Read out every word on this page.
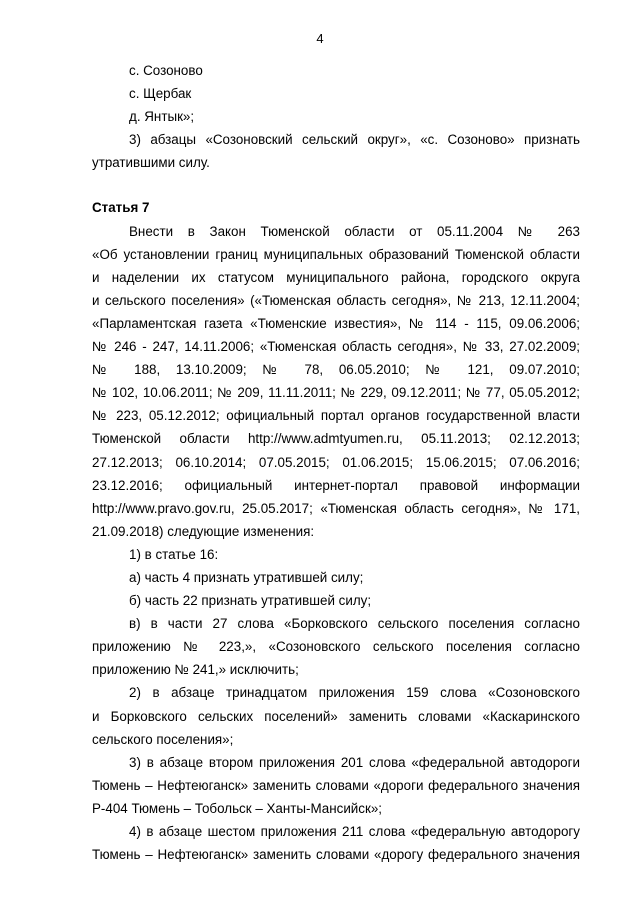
4
с. Созоново
с. Щербак
д. Янтык»;
3) абзацы «Созоновский сельский округ», «с. Созоново» признать
утратившими силу.
Статья 7
Внести в Закон Тюменской области от 05.11.2004 № 263
«Об установлении границ муниципальных образований Тюменской области
и наделении их статусом муниципального района, городского округа
и сельского поселения» («Тюменская область сегодня», № 213, 12.11.2004;
«Парламентская газета «Тюменские известия», № 114 - 115, 09.06.2006;
№ 246 - 247, 14.11.2006; «Тюменская область сегодня», № 33, 27.02.2009;
№ 188, 13.10.2009; № 78, 06.05.2010; № 121, 09.07.2010;
№ 102, 10.06.2011; № 209, 11.11.2011; № 229, 09.12.2011; № 77, 05.05.2012;
№ 223, 05.12.2012; официальный портал органов государственной власти
Тюменской области http://www.admtyumen.ru, 05.11.2013; 02.12.2013;
27.12.2013; 06.10.2014; 07.05.2015; 01.06.2015; 15.06.2015; 07.06.2016;
23.12.2016; официальный интернет-портал правовой информации
http://www.pravo.gov.ru, 25.05.2017; «Тюменская область сегодня», № 171,
21.09.2018) следующие изменения:
1) в статье 16:
а) часть 4 признать утратившей силу;
б) часть 22 признать утратившей силу;
в) в части 27 слова «Борковского сельского поселения согласно
приложению № 223,», «Созоновского сельского поселения согласно
приложению № 241,» исключить;
2) в абзаце тринадцатом приложения 159 слова «Созоновского
и Борковского сельских поселений» заменить словами «Каскаринского
сельского поселения»;
3) в абзаце втором приложения 201 слова «федеральной автодороги
Тюмень – Нефтеюганск» заменить словами «дороги федерального значения
Р-404 Тюмень – Тобольск – Ханты-Мансийск»;
4) в абзаце шестом приложения 211 слова «федеральную автодорогу
Тюмень – Нефтеюганск» заменить словами «дорогу федерального значения
